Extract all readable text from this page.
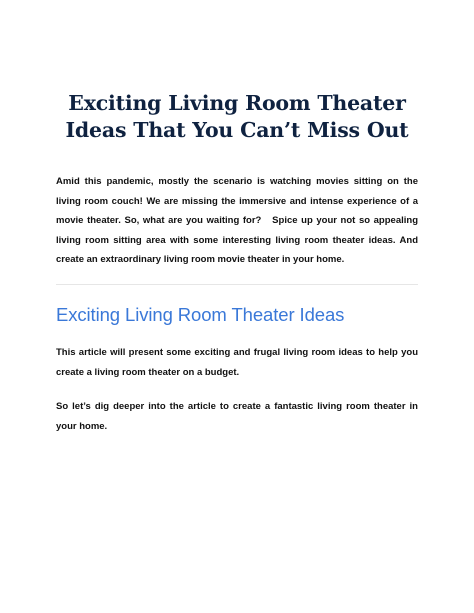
Exciting Living Room Theater Ideas That You Can’t Miss Out

Amid this pandemic, mostly the scenario is watching movies sitting on the living room couch! We are missing the immersive and intense experience of a movie theater. So, what are you waiting for?   Spice up your not so appealing living room sitting area with some interesting living room theater ideas. And create an extraordinary living room movie theater in your home.

Exciting Living Room Theater Ideas

This article will present some exciting and frugal living room ideas to help you create a living room theater on a budget.

So let’s dig deeper into the article to create a fantastic living room theater in your home.
